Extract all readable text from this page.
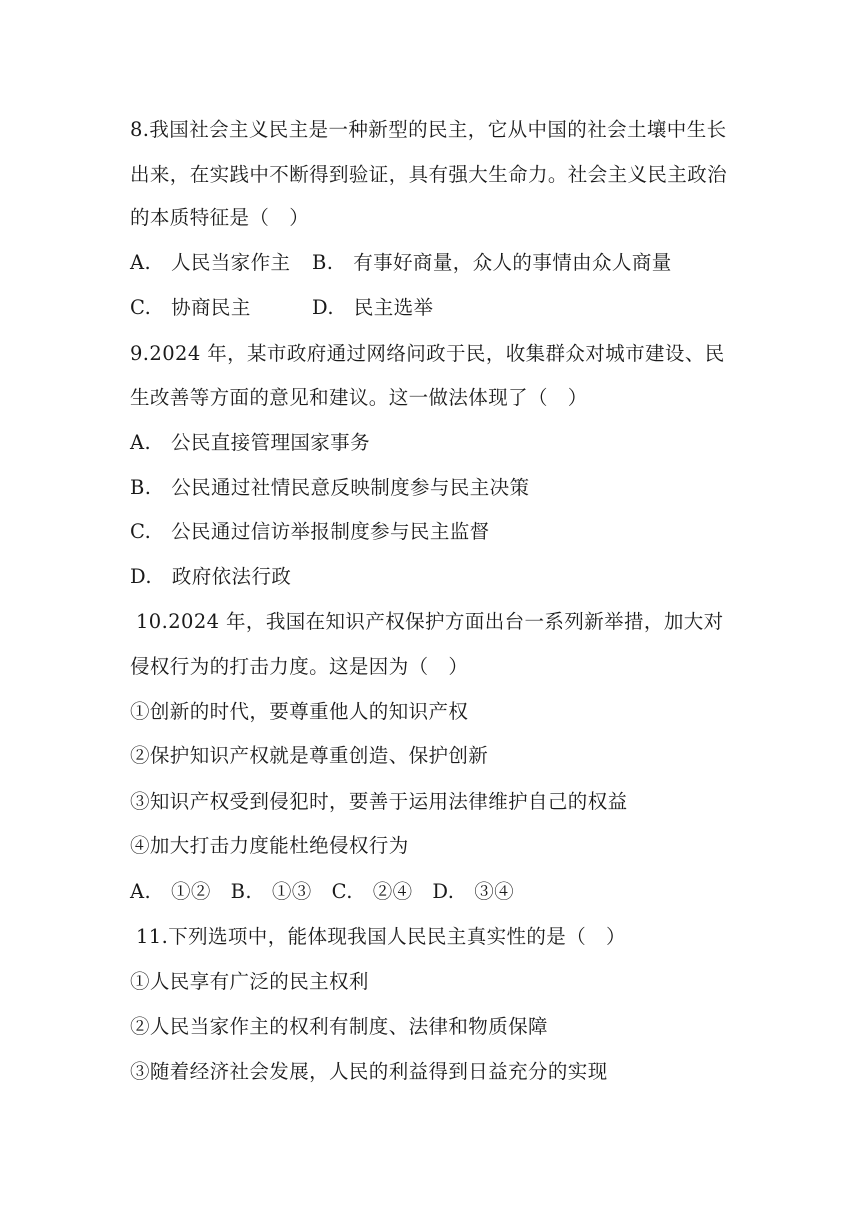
8.我国社会主义民主是一种新型的民主，它从中国的社会土壤中生长
出来，在实践中不断得到验证，具有强大生命力。社会主义民主政治
的本质特征是（　）
A.　人民当家作主 B.　有事好商量，众人的事情由众人商量
C.　协商民主	D.　民主选举
9.2024 年，某市政府通过网络问政于民，收集群众对城市建设、民
生改善等方面的意见和建议。这一做法体现了（　）
A.　公民直接管理国家事务
B.　公民通过社情民意反映制度参与民主决策
C.　公民通过信访举报制度参与民主监督
D.　政府依法行政
10.2024 年，我国在知识产权保护方面出台一系列新举措，加大对
侵权行为的打击力度。这是因为（　）
①创新的时代，要尊重他人的知识产权
②保护知识产权就是尊重创造、保护创新
③知识产权受到侵犯时，要善于运用法律维护自己的权益
④加大打击力度能杜绝侵权行为
A.　①②　B.　①③　C.　②④　D.　③④
11.下列选项中，能体现我国人民民主真实性的是（　）
①人民享有广泛的民主权利
②人民当家作主的权利有制度、法律和物质保障
③随着经济社会发展，人民的利益得到日益充分的实现
